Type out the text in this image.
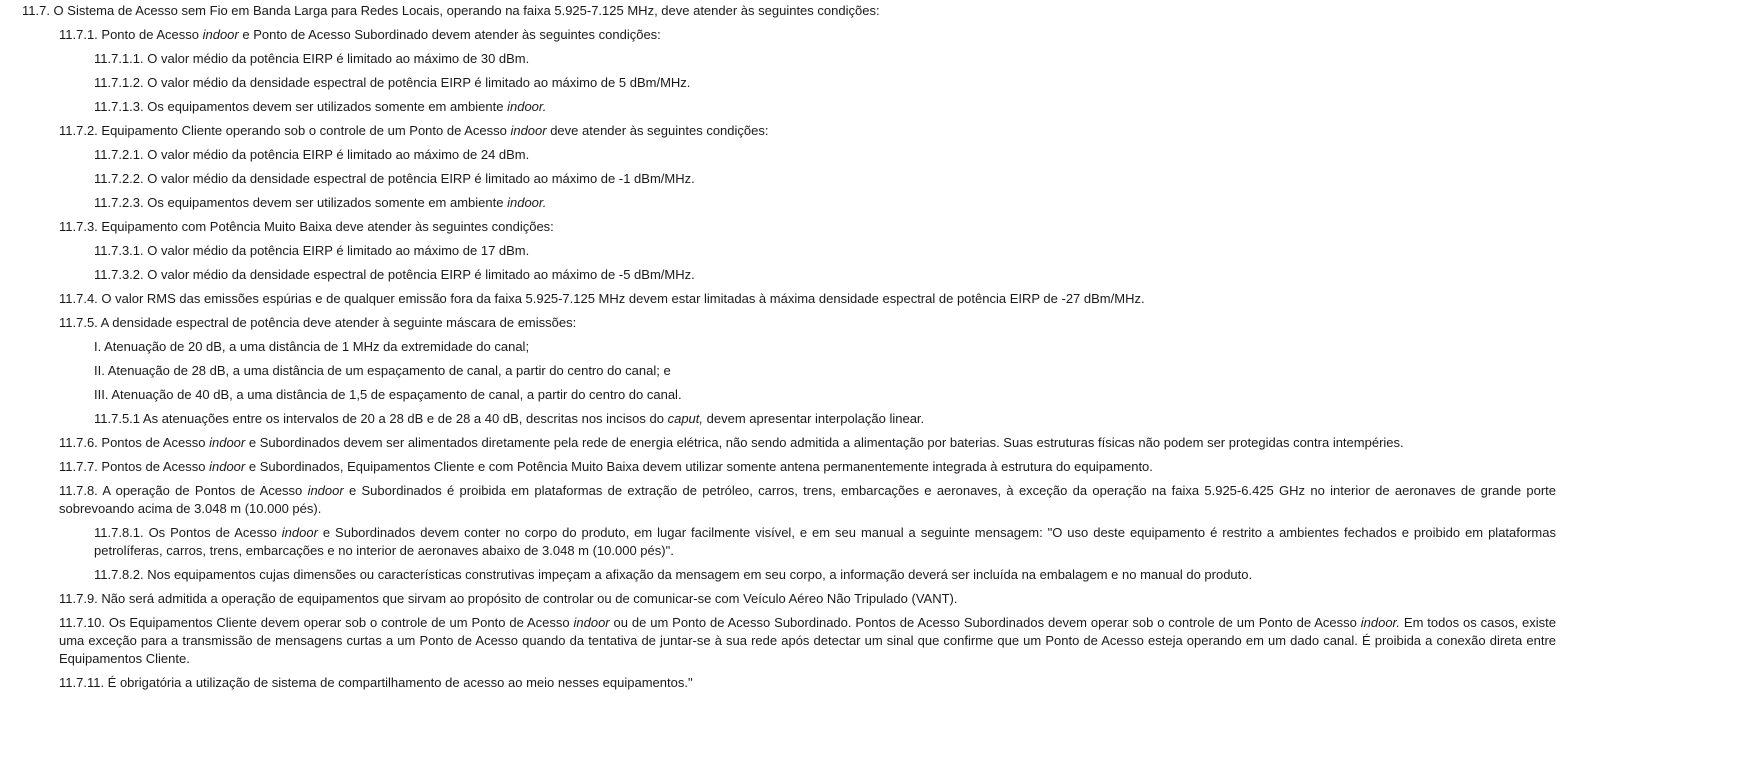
11.7. O Sistema de Acesso sem Fio em Banda Larga para Redes Locais, operando na faixa 5.925-7.125 MHz, deve atender às seguintes condições:

11.7.1. Ponto de Acesso indoor e Ponto de Acesso Subordinado devem atender às seguintes condições:

11.7.1.1. O valor médio da potência EIRP é limitado ao máximo de 30 dBm.

11.7.1.2. O valor médio da densidade espectral de potência EIRP é limitado ao máximo de 5 dBm/MHz.

11.7.1.3. Os equipamentos devem ser utilizados somente em ambiente indoor.

11.7.2. Equipamento Cliente operando sob o controle de um Ponto de Acesso indoor deve atender às seguintes condições:

11.7.2.1. O valor médio da potência EIRP é limitado ao máximo de 24 dBm.

11.7.2.2. O valor médio da densidade espectral de potência EIRP é limitado ao máximo de -1 dBm/MHz.

11.7.2.3. Os equipamentos devem ser utilizados somente em ambiente indoor.

11.7.3. Equipamento com Potência Muito Baixa deve atender às seguintes condições:

11.7.3.1. O valor médio da potência EIRP é limitado ao máximo de 17 dBm.

11.7.3.2. O valor médio da densidade espectral de potência EIRP é limitado ao máximo de -5 dBm/MHz.

11.7.4. O valor RMS das emissões espúrias e de qualquer emissão fora da faixa 5.925-7.125 MHz devem estar limitadas à máxima densidade espectral de potência EIRP de -27 dBm/MHz.

11.7.5. A densidade espectral de potência deve atender à seguinte máscara de emissões:

I. Atenuação de 20 dB, a uma distância de 1 MHz da extremidade do canal;

II. Atenuação de 28 dB, a uma distância de um espaçamento de canal, a partir do centro do canal; e

III. Atenuação de 40 dB, a uma distância de 1,5 de espaçamento de canal, a partir do centro do canal.

11.7.5.1 As atenuações entre os intervalos de 20 a 28 dB e de 28 a 40 dB, descritas nos incisos do caput, devem apresentar interpolação linear.

11.7.6. Pontos de Acesso indoor e Subordinados devem ser alimentados diretamente pela rede de energia elétrica, não sendo admitida a alimentação por baterias. Suas estruturas físicas não podem ser protegidas contra intempéries.

11.7.7. Pontos de Acesso indoor e Subordinados, Equipamentos Cliente e com Potência Muito Baixa devem utilizar somente antena permanentemente integrada à estrutura do equipamento.

11.7.8. A operação de Pontos de Acesso indoor e Subordinados é proibida em plataformas de extração de petróleo, carros, trens, embarcações e aeronaves, à exceção da operação na faixa 5.925-6.425 GHz no interior de aeronaves de grande porte sobrevoando acima de 3.048 m (10.000 pés).

11.7.8.1. Os Pontos de Acesso indoor e Subordinados devem conter no corpo do produto, em lugar facilmente visível, e em seu manual a seguinte mensagem: "O uso deste equipamento é restrito a ambientes fechados e proibido em plataformas petrolíferas, carros, trens, embarcações e no interior de aeronaves abaixo de 3.048 m (10.000 pés)".

11.7.8.2. Nos equipamentos cujas dimensões ou características construtivas impeçam a afixação da mensagem em seu corpo, a informação deverá ser incluída na embalagem e no manual do produto.

11.7.9. Não será admitida a operação de equipamentos que sirvam ao propósito de controlar ou de comunicar-se com Veículo Aéreo Não Tripulado (VANT).

11.7.10. Os Equipamentos Cliente devem operar sob o controle de um Ponto de Acesso indoor ou de um Ponto de Acesso Subordinado. Pontos de Acesso Subordinados devem operar sob o controle de um Ponto de Acesso indoor. Em todos os casos, existe uma exceção para a transmissão de mensagens curtas a um Ponto de Acesso quando da tentativa de juntar-se à sua rede após detectar um sinal que confirme que um Ponto de Acesso esteja operando em um dado canal. É proibida a conexão direta entre Equipamentos Cliente.

11.7.11. É obrigatória a utilização de sistema de compartilhamento de acesso ao meio nesses equipamentos."
